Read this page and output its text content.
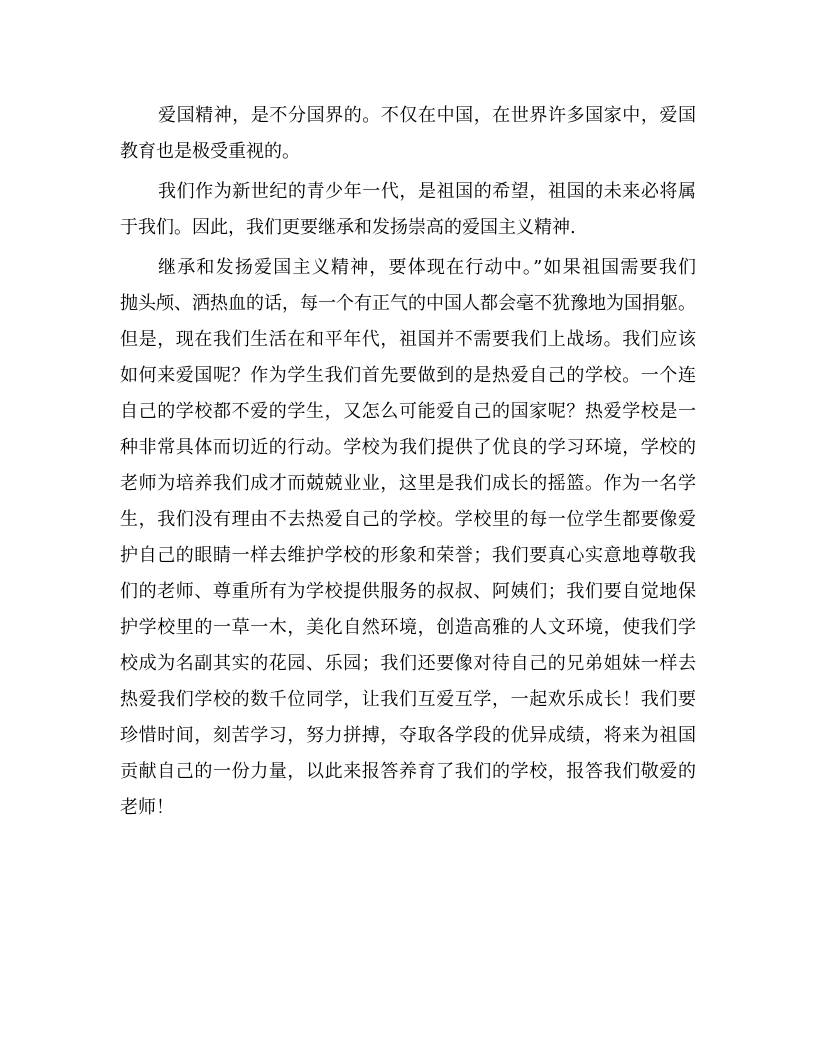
爱国精神，是不分国界的。不仅在中国，在世界许多国家中，爱国
教育也是极受重视的。
我们作为新世纪的青少年一代，是祖国的希望，祖国的未来必将属
于我们。因此，我们更要继承和发扬崇高的爱国主义精神.
继承和发扬爱国主义精神，要体现在行动中。”如果祖国需要我们
抛头颅、洒热血的话，每一个有正气的中国人都会毫不犹豫地为国捐躯。
但是，现在我们生活在和平年代，祖国并不需要我们上战场。我们应该
如何来爱国呢？作为学生我们首先要做到的是热爱自己的学校。一个连
自己的学校都不爱的学生，又怎么可能爱自己的国家呢？热爱学校是一
种非常具体而切近的行动。学校为我们提供了优良的学习环境，学校的
老师为培养我们成才而兢兢业业，这里是我们成长的摇篮。作为一名学
生，我们没有理由不去热爱自己的学校。学校里的每一位学生都要像爱
护自己的眼睛一样去维护学校的形象和荣誉；我们要真心实意地尊敬我
们的老师、尊重所有为学校提供服务的叔叔、阿姨们；我们要自觉地保
护学校里的一草一木，美化自然环境，创造高雅的人文环境，使我们学
校成为名副其实的花园、乐园；我们还要像对待自己的兄弟姐妹一样去
热爱我们学校的数千位同学，让我们互爱互学，一起欢乐成长！我们要
珍惜时间，刻苦学习，努力拼搏，夺取各学段的优异成绩，将来为祖国
贡献自己的一份力量，以此来报答养育了我们的学校，报答我们敬爱的
老师！
